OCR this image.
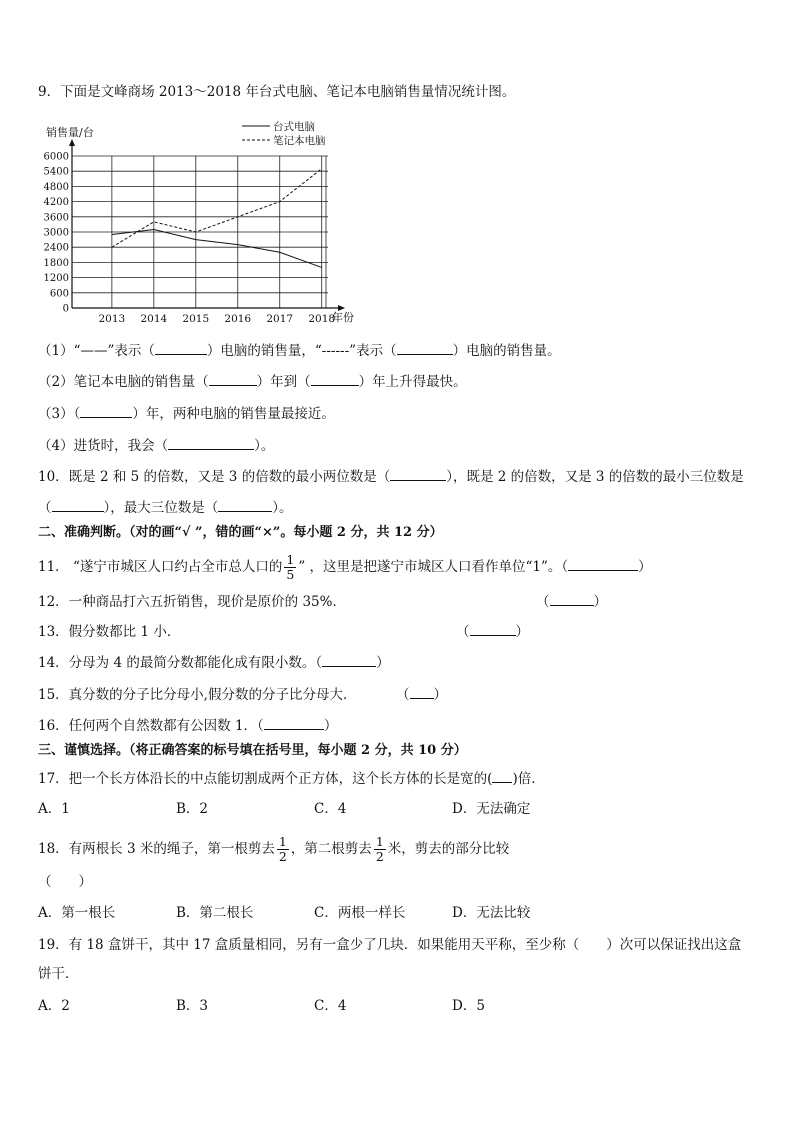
9．下面是文峰商场 2013～2018 年台式电脑、笔记本电脑销售量情况统计图。
0
600
1200
1800
2400
3000
3600
4200
4800
5400
6000
2013 2014 2015 2016 2017 2018
台式电脑
笔记本电脑
销售量/台
年份
（1）“——”表示（	）电脑的销售量，“------”表示（	）电脑的销售量。
（2）笔记本电脑的销售量（	）年到（	）年上升得最快。
（3）（	）年，两种电脑的销售量最接近。
（4）进货时，我会（	）。
10．既是 2 和 5 的倍数，又是 3 的倍数的最小两位数是（	），既是 2 的倍数，又是 3 的倍数的最小三位数是
（	），最大三位数是（	）。
二、准确判断。（对的画“√ ”，错的画“×”。每小题 2 分，共 12 分）
11． “遂宁市城区人口约占全市总人口的 $\frac{1}{5}$ ” ，这里是把遂宁市城区人口看作单位“1”。（	）
12．一种商品打六五折销售，现价是原价的 35%．	（	）
13．假分数都比 1 小．	（	）
14．分母为 4 的最简分数都能化成有限小数。（	）
15．真分数的分子比分母小,假分数的分子比分母大．	（ ）
16．任何两个自然数都有公因数 1．（	）
三、谨慎选择。（将正确答案的标号填在括号里，每小题 2 分，共 10 分）
17．把一个长方体沿长的中点能切割成两个正方体，这个长方体的长是宽的( )倍．
A．1	B．2	C．4	D．无法确定
18．有两根长 3 米的绳子，第一根剪去 $\frac{1}{2}$ ，第二根剪去 $\frac{1}{2}$ 米，剪去的部分比较
（　　）
A．第一根长	B．第二根长	C．两根一样长	D．无法比较
19．有 18 盒饼干，其中 17 盒质量相同，另有一盒少了几块．如果能用天平称，至少称（　　）次可以保证找出这盒
饼干．
A．2	B．3	C．4	D．5
